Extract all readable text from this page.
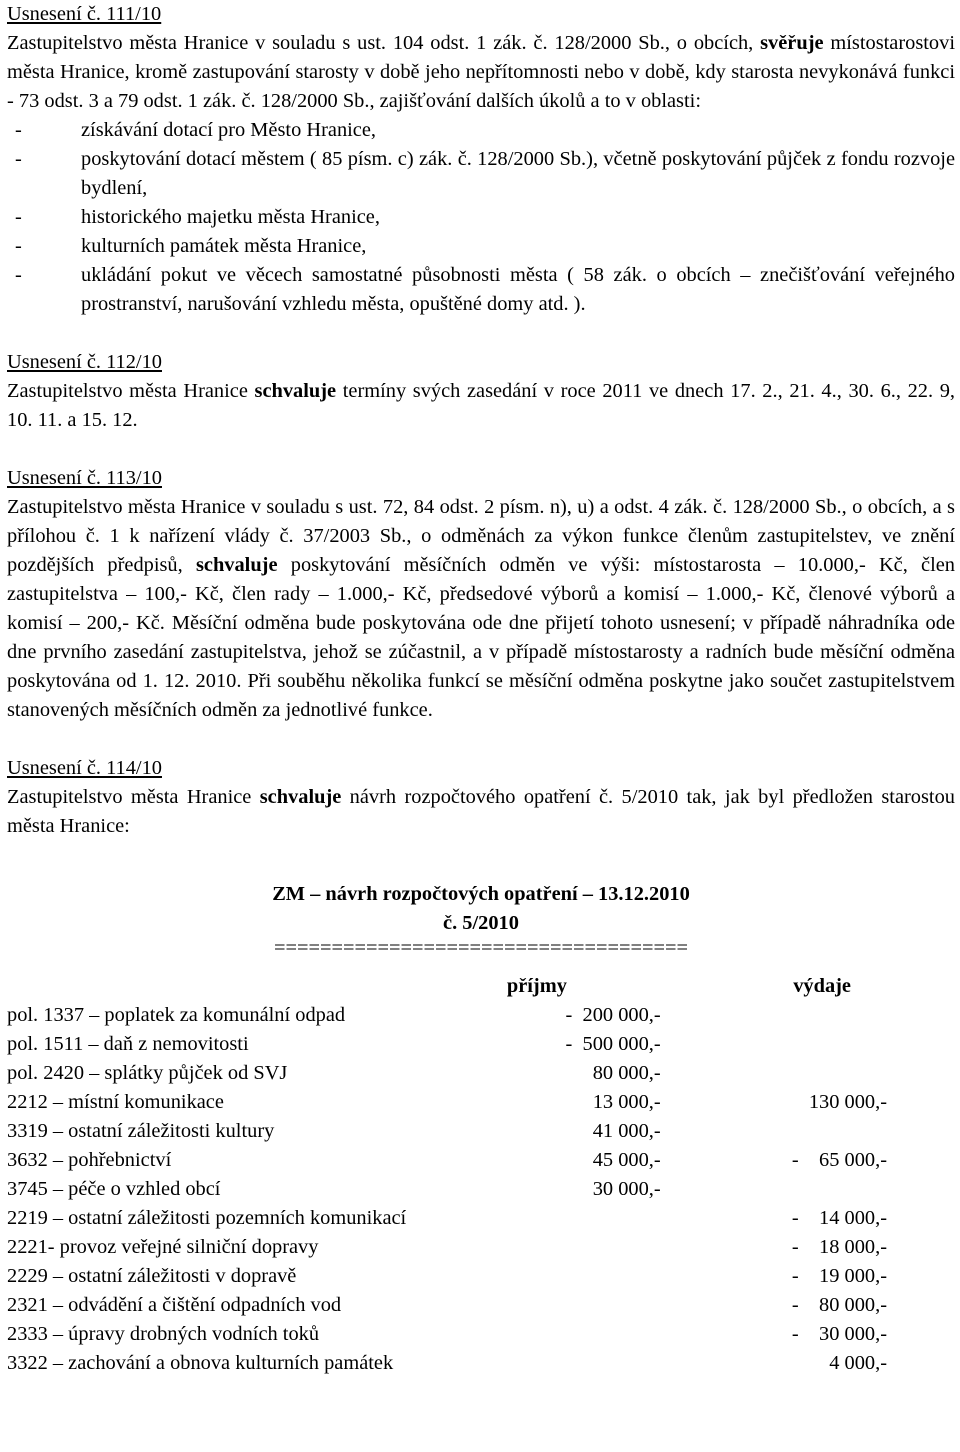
Usnesení č. 111/10

Zastupitelstvo města Hranice v souladu s ust. 104 odst. 1 zák. č. 128/2000 Sb., o obcích, svěřuje místostarostovi města Hranice, kromě zastupování starosty v době jeho nepřítomnosti nebo v době, kdy starosta nevykonává funkci - 73 odst. 3 a 79 odst. 1 zák. č. 128/2000 Sb., zajišťování dalších úkolů a to v oblasti:

- získávání dotací pro Město Hranice,
- poskytování dotací městem ( 85 písm. c) zák. č. 128/2000 Sb.), včetně poskytování půjček z fondu rozvoje bydlení,
- historického majetku města Hranice,
- kulturních památek města Hranice,
- ukládání pokut ve věcech samostatné působnosti města ( 58 zák. o obcích – znečišťování veřejného prostranství, narušování vzhledu města, opuštěné domy atd. ).

Usnesení č. 112/10

Zastupitelstvo města Hranice schvaluje termíny svých zasedání v roce 2011 ve dnech 17. 2., 21. 4., 30. 6., 22. 9, 10. 11. a 15. 12.

Usnesení č. 113/10

Zastupitelstvo města Hranice v souladu s ust. 72, 84 odst. 2 písm. n), u) a odst. 4 zák. č. 128/2000 Sb., o obcích, a s přílohou č. 1 k nařízení vlády č. 37/2003 Sb., o odměnách za výkon funkce členům zastupitelstev, ve znění pozdějších předpisů, schvaluje poskytování měsíčních odměn ve výši: místostarosta – 10.000,- Kč, člen zastupitelstva – 100,- Kč, člen rady – 1.000,- Kč, předsedové výborů a komisí – 1.000,- Kč, členové výborů a komisí – 200,- Kč. Měsíční odměna bude poskytována ode dne přijetí tohoto usnesení; v případě náhradníka ode dne prvního zasedání zastupitelstva, jehož se zúčastnil, a v případě místostarosty a radních bude měsíční odměna poskytována od 1. 12. 2010. Při souběhu několika funkcí se měsíční odměna poskytne jako součet zastupitelstvem stanovených měsíčních odměn za jednotlivé funkce.

Usnesení č. 114/10

Zastupitelstvo města Hranice schvaluje návrh rozpočtového opatření č. 5/2010 tak, jak byl předložen starostou města Hranice:

ZM – návrh rozpočtových opatření – 13.12.2010
č. 5/2010
====================================
	příjmy	výdaje
pol. 1337 – poplatek za komunální odpad	-  200 000,-	
pol. 1511 – daň z nemovitosti	-  500 000,-	
pol. 2420 – splátky půjček od SVJ	80 000,-	
2212 – místní komunikace	13 000,-	130 000,-
3319 – ostatní záležitosti kultury	41 000,-	
3632 – pohřebnictví	45 000,-	-    65 000,-
3745 – péče o vzhled obcí	30 000,-	
2219 – ostatní záležitosti pozemních komunikací		-    14 000,-
2221- provoz veřejné silniční dopravy		-    18 000,-
2229 – ostatní záležitosti v dopravě		-    19 000,-
2321 – odvádění a čištění odpadních vod		-    80 000,-
2333 – úpravy drobných vodních toků		-    30 000,-
3322 – zachování a obnova kulturních památek		4 000,-
